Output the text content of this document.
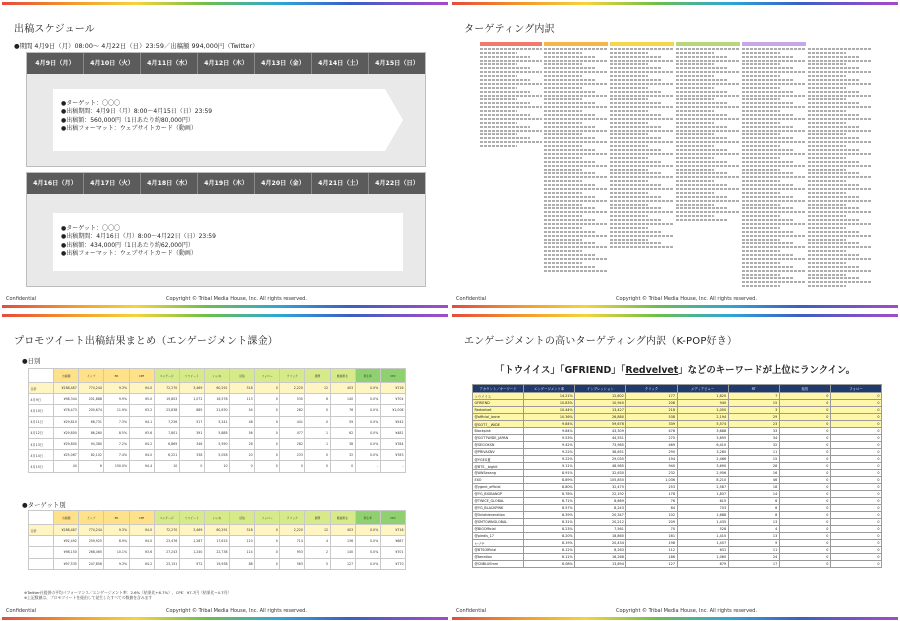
出稿スケジュール
●期間 4月9日（月）08:00〜 4月22日（日）23:59／出稿額 994,000円（Twitter）
4月9日（月）	4月10日（火）	4月11日（水）	4月12日（木）	4月13日（金）	4月14日（土）	4月15日（日）
●ターゲット：〇〇〇
●出稿期間：4月9日（月）8:00〜4月15日（日）23:59
●出稿額：560,000円（1日あたり約80,000円）
●出稿フォーマット：ウェブサイトカード（動画）
4月16日（月）	4月17日（火）	4月18日（水）	4月19日（木）	4月20日（金）	4月21日（土）	4月22日（日）
●ターゲット：〇〇〇
●出稿期間：4月16日（月）8:00〜4月22日（日）23:59
●出稿額：434,000円（1日あたり約62,000円）
●出稿フォーマット：ウェブサイトカード（動画）
Confidential	Copyright © Tribal Media House, Inc. All rights reserved.
ターゲティング内訳
Confidential	Copyright © Tribal Media House, Inc. All rights reserved.
プロモツイート出稿結果まとめ（エンゲージメント課金）
●日別
	出稿額	インプ	ER	CPE	エンゲージ	リツイート	いいね	返信	フォロー	クリック	展開	動画再生	再生率	CPV
合計	¥288,487	774,244	9.3%	¥4.0	72,270	3,469	60,291	318	0	2,220	12	403	0.0%	¥716
4月9日	¥98,344	201,888	9.9%	¥5.0	19,803	1,072	16,578	113	0	530	6	140	0.0%	¥704
4月10日	¥76,473	200,674	11.9%	¥3.2	23,838	685	21,630	54	0	282	0	76	0.0%	¥1,006
4月11日	¥29,810	68,731	7.3%	¥4.1	7,236	517	5,241	48	0	441	0	59	0.0%	¥542
4月12日	¥29,800	86,260	8.5%	¥3.6	7,801	391	5,888	56	0	477	1	62	0.0%	¥481
4月13日	¥29,800	94,380	7.2%	¥4.2	6,869	346	5,590	28	0	282	1	38	0.0%	¥784
4月14日	¥25,067	82,102	7.4%	¥4.0	6,221	338	5,058	20	0	233	0	32	0.0%	¥783
4月15日	44	6	150.0%	¥4.4	10	0	10	0	0	0	0	0	-	-
●ターゲット別
	出稿額	インプ	ER	CPE	エンゲージ	リツイート	いいね	返信	フォロー	クリック	展開	動画再生	再生率	CPV
合計	¥288,487	774,244	9.3%	¥4.0	72,270	3,469	60,291	318	0	2,220	12	403	0.0%	¥716
	¥92,492	259,925	8.9%	¥4.0	23,476	1,287	17,615	110	0	714	4	136	0.0%	¥687
	¥98,150	268,465	10.1%	¥3.6	27,243	1,240	22,738	114	0	953	2	140	0.0%	¥701
	¥97,535	247,856	9.3%	¥4.2	23,151	972	19,938	88	0	563	5	127	0.0%	¥770
※Twitter社提供の平均パフォーマンス／エンゲージメント率：2.6%（結果比+6.7%）、CPE：¥7.7円（結果比−4.7円）
※上記数値は、プロモツイートを経由して発生したすべての数値を含みます
Confidential	Copyright © Tribal Media House, Inc. All rights reserved.
エンゲージメントの高いターゲティング内訳（K-POP好き）
「トウイイス」「GFRIEND」「Redvelvet」などのキーワードが上位にランクイン。
アカウント／キーワード	エンゲージメント率	インプレッション	クリック	メディアビュー	RT	返信	フォロー
トウイイス	14.21%	12,602	177	1,620	7	0	0
GFRIEND	10.83%	10,940	208	940	15	0	0
Redvelvet	10.44%	13,427	218	1,050	3	0	0
@official_izone	10.36%	26,880	538	2,194	29	0	0
@GOT7＿WIDE	9.84%	59,676	339	5,574	23	0	0
Blackpink	9.84%	43,309	476	3,688	33	0	0
@GOT7WIDE_JAPAN	9.53%	44,551	270	3,695	34	0	0
@SEGOKSN	9.42%	73,985	469	6,410	32	0	0
@PRIVASNV	9.22%	38,651	290	3,280	11	0	0
@YGEG夏	9.22%	29,035	194	2,466	15	0	0
@BTS＿bighit	9.11%	48,985	940	3,690	28	0	0
@AWSexang	8.91%	32,630	232	2,956	16	0	0
EXO	8.89%	105,850	1,036	8,210	46	0	0
@ygent_official	8.80%	32,475	253	2,587	18	0	0
@YG_BIGBANGP	8.78%	22,192	178	1,837	14	0	0
@TWICE_GLOBAL	8.71%	8,669	76	615	6	0	0
@YG_BLACKPINK	8.57%	8,243	84	703	6	0	0
@0nlatdeneration	8.39%	20,347	102	1,688	8	0	0
@SMTOWNGLOBAL	8.31%	20,212	209	1,435	13	0	0
@BIGOfficial	8.23%	7,561	70	528	4	0	0
@pledis_17	8.20%	18,860	161	1,410	13	0	0
セブチ	8.19%	20,434	198	1,457	9	0	0
@BTSOfficial	8.12%	8,263	112	631	11	0	0
@beration	8.11%	16,268	186	1,060	24	0	0
@CNBLUEmm	8.08%	13,694	127	879	17	0	0
Confidential	Copyright © Tribal Media House, Inc. All rights reserved.
